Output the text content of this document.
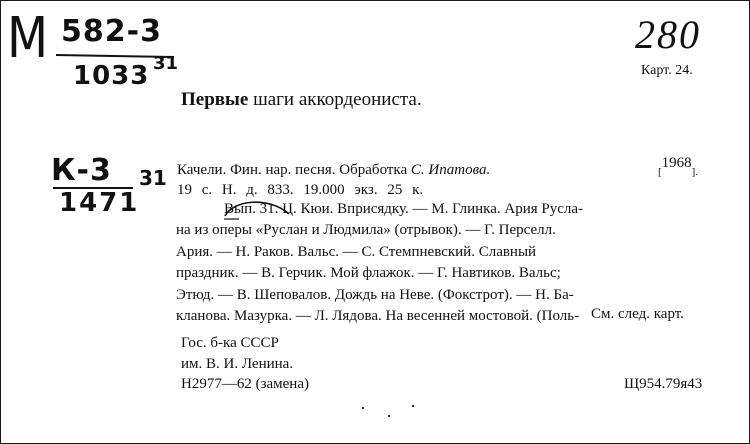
М 582-3
1033 31
К-3
1471
31
280
Карт. 24.
Первые шаги аккордеониста.
Качели. Фин. нар. песня. Обработка С. Ипатова.	$_[1968_{].}$
19 с. Н. д. 833. 19.000 экз. 25 к.

Вып. 31. Ц. Кюи. Вприсядку. — М. Глинка. Ария Русла-

на из оперы «Руслан и Людмила» (отрывок). — Г. Перселл.

Ария. — Н. Раков. Вальс. — С. Стемпневский. Славный

праздник. — В. Герчик. Мой флажок. — Г. Навтиков. Вальс;

Этюд. — В. Шеповалов. Дождь на Неве. (Фокстрот). — Н. Ба-

кланова. Мазурка. — Л. Лядова. На весенней мостовой. (Поль- См. след. карт.
Гос. б-ка СССР
им. В. И. Ленина.
Н2977—62 (замена)	Щ954.79я43
